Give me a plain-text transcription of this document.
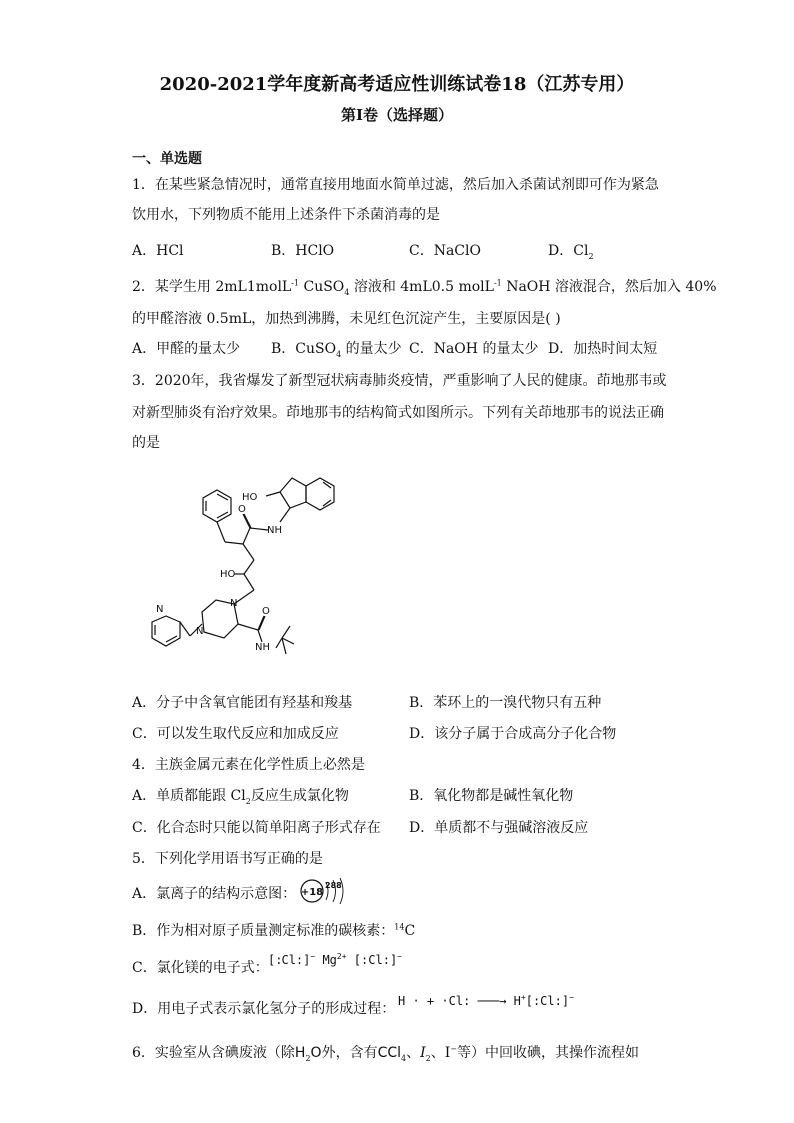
2020-2021学年度新高考适应性训练试卷18（江苏专用）
第I卷（选择题）
一、单选题
1．在某些紧急情况时，通常直接用地面水简单过滤，然后加入杀菌试剂即可作为紧急
饮用水，下列物质不能用上述条件下杀菌消毒的是
A．HCl	B．HClO	C．NaClO	D．$Cl_2$
2．某学生用 2mL1molL$^{-1}$ CuSO$_4$ 溶液和 4mL0.5 molL$^{-1}$ NaOH 溶液混合，然后加入 40%
的甲醛溶液 0.5mL，加热到沸腾，未见红色沉淀产生，主要原因是( )
A．甲醛的量太少 B．CuSO$_4$ 的量太少 C．NaOH 的量太少 D．加热时间太短
3．2020年，我省爆发了新型冠状病毒肺炎疫情，严重影响了人民的健康。茚地那韦或
对新型肺炎有治疗效果。茚地那韦的结构简式如图所示。下列有关茚地那韦的说法正确
的是
HO
NH
HO
N
N
N
O
O
NH
A．分子中含氧官能团有羟基和羧基	B．苯环上的一溴代物只有五种
C．可以发生取代反应和加成反应	D．该分子属于合成高分子化合物
4．主族金属元素在化学性质上必然是
A．单质都能跟 $Cl_2$反应生成氯化物	B．氧化物都是碱性氧化物
C．化合态时只能以简单阳离子形式存在 D．单质都不与强碱溶液反应
5．下列化学用语书写正确的是
A．氯离子的结构示意图： +18
288
B．作为相对原子质量测定标准的碳核素：$^{14}$C
C．氯化镁的电子式： [:Cl:]− $Mg^{2+}$ [:Cl:]−
D．用电子式表示氯化氢分子的形成过程： H · + ·Cl: ───→ H+[:Cl:]−
6．实验室从含碘废液（除$H_2O$外，含有CCl$_4$、$I_2$、I−等）中回收碘，其操作流程如
